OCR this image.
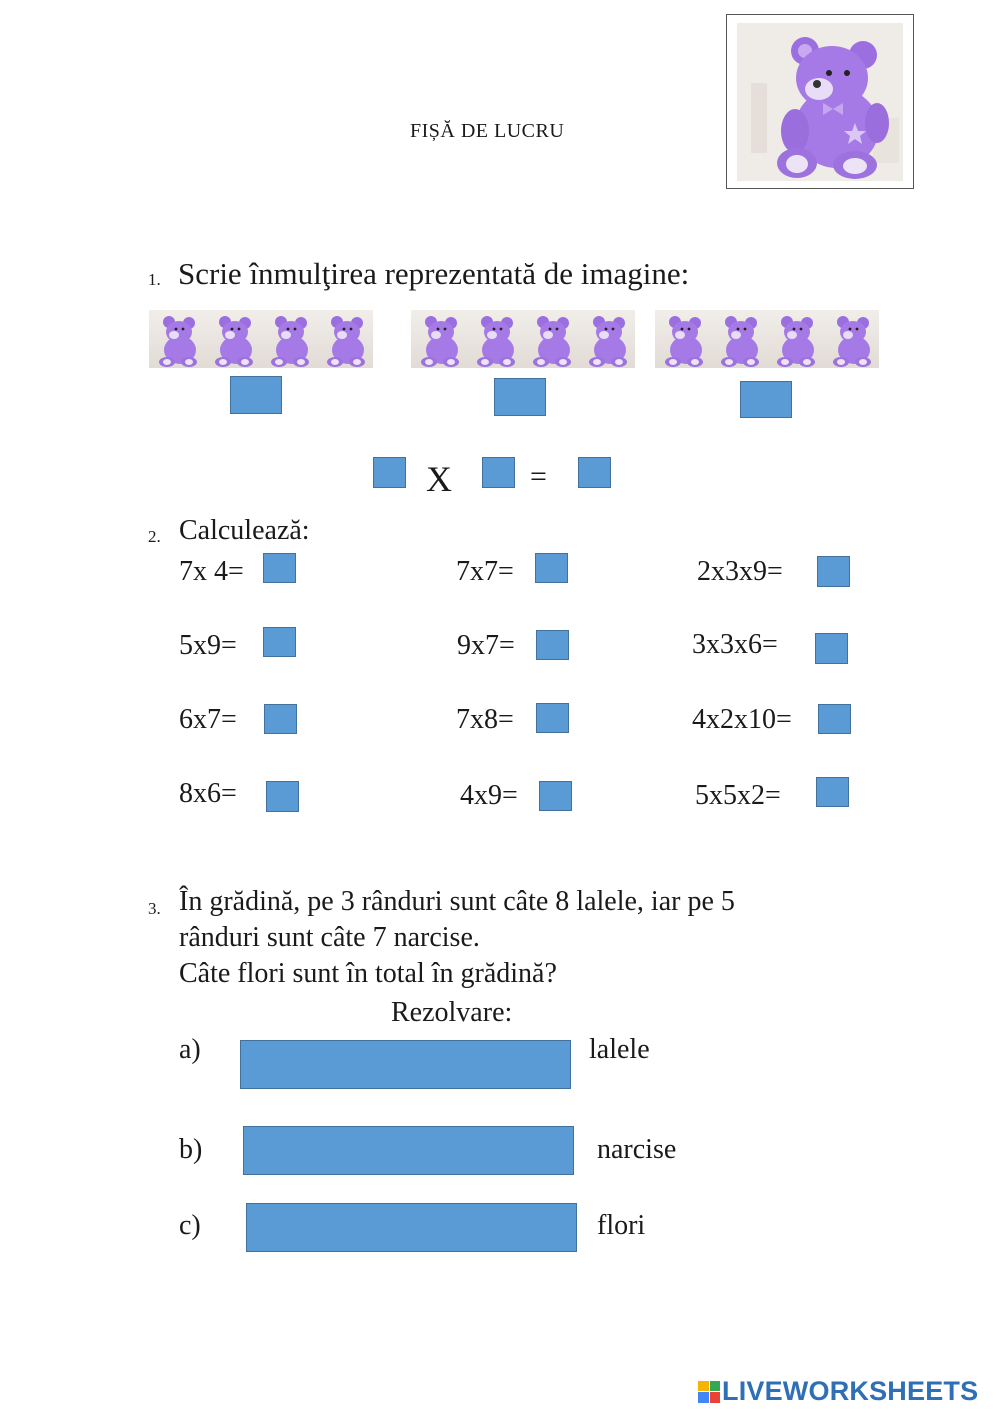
FIȘĂ DE LUCRU
1. Scrie înmulţirea reprezentată de imagine:
X	=
2. Calculează:
7x 4=	7x7=	2x3x9=
5x9=	9x7=	3x3x6=
6x7=	7x8=	4x2x10=
8x6=	4x9=	5x5x2=
3. În grădină, pe 3 rânduri sunt câte 8 lalele, iar pe 5
rânduri sunt câte 7 narcise.
Câte flori sunt în total în grădină?
Rezolvare:
a)	lalele
b)	narcise
c)	flori
LIVEWORKSHEETS
